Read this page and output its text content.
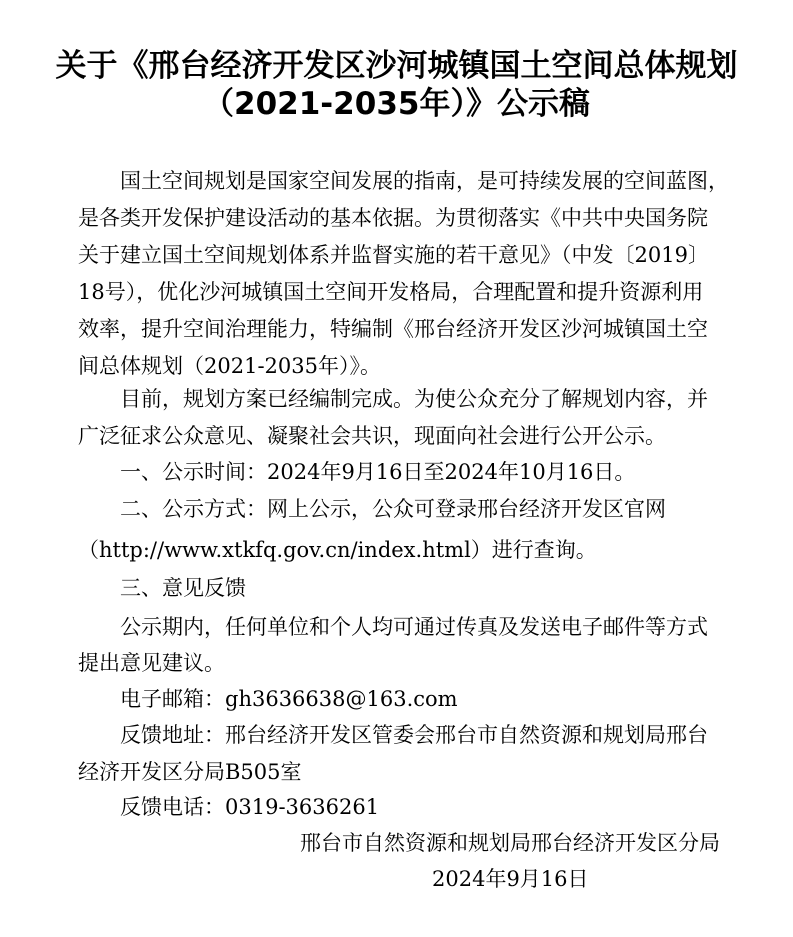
关于《邢台经济开发区沙河城镇国土空间总体规划
（2021-2035年）》公示稿
国土空间规划是国家空间发展的指南，是可持续发展的空间蓝图，
是各类开发保护建设活动的基本依据。为贯彻落实《中共中央国务院
关于建立国土空间规划体系并监督实施的若干意见》（中发〔2019〕
18号），优化沙河城镇国土空间开发格局，合理配置和提升资源利用
效率，提升空间治理能力，特编制《邢台经济开发区沙河城镇国土空
间总体规划（2021-2035年）》。
目前，规划方案已经编制完成。为使公众充分了解规划内容，并
广泛征求公众意见、凝聚社会共识，现面向社会进行公开公示。
一、公示时间：2024年9月16日至2024年10月16日。
二、公示方式：网上公示，公众可登录邢台经济开发区官网
（http://www.xtkfq.gov.cn/index.html）进行查询。
三、意见反馈
公示期内，任何单位和个人均可通过传真及发送电子邮件等方式
提出意见建议。
电子邮箱：gh3636638@163.com
反馈地址：邢台经济开发区管委会邢台市自然资源和规划局邢台
经济开发区分局B505室
反馈电话：0319-3636261
邢台市自然资源和规划局邢台经济开发区分局
2024年9月16日
